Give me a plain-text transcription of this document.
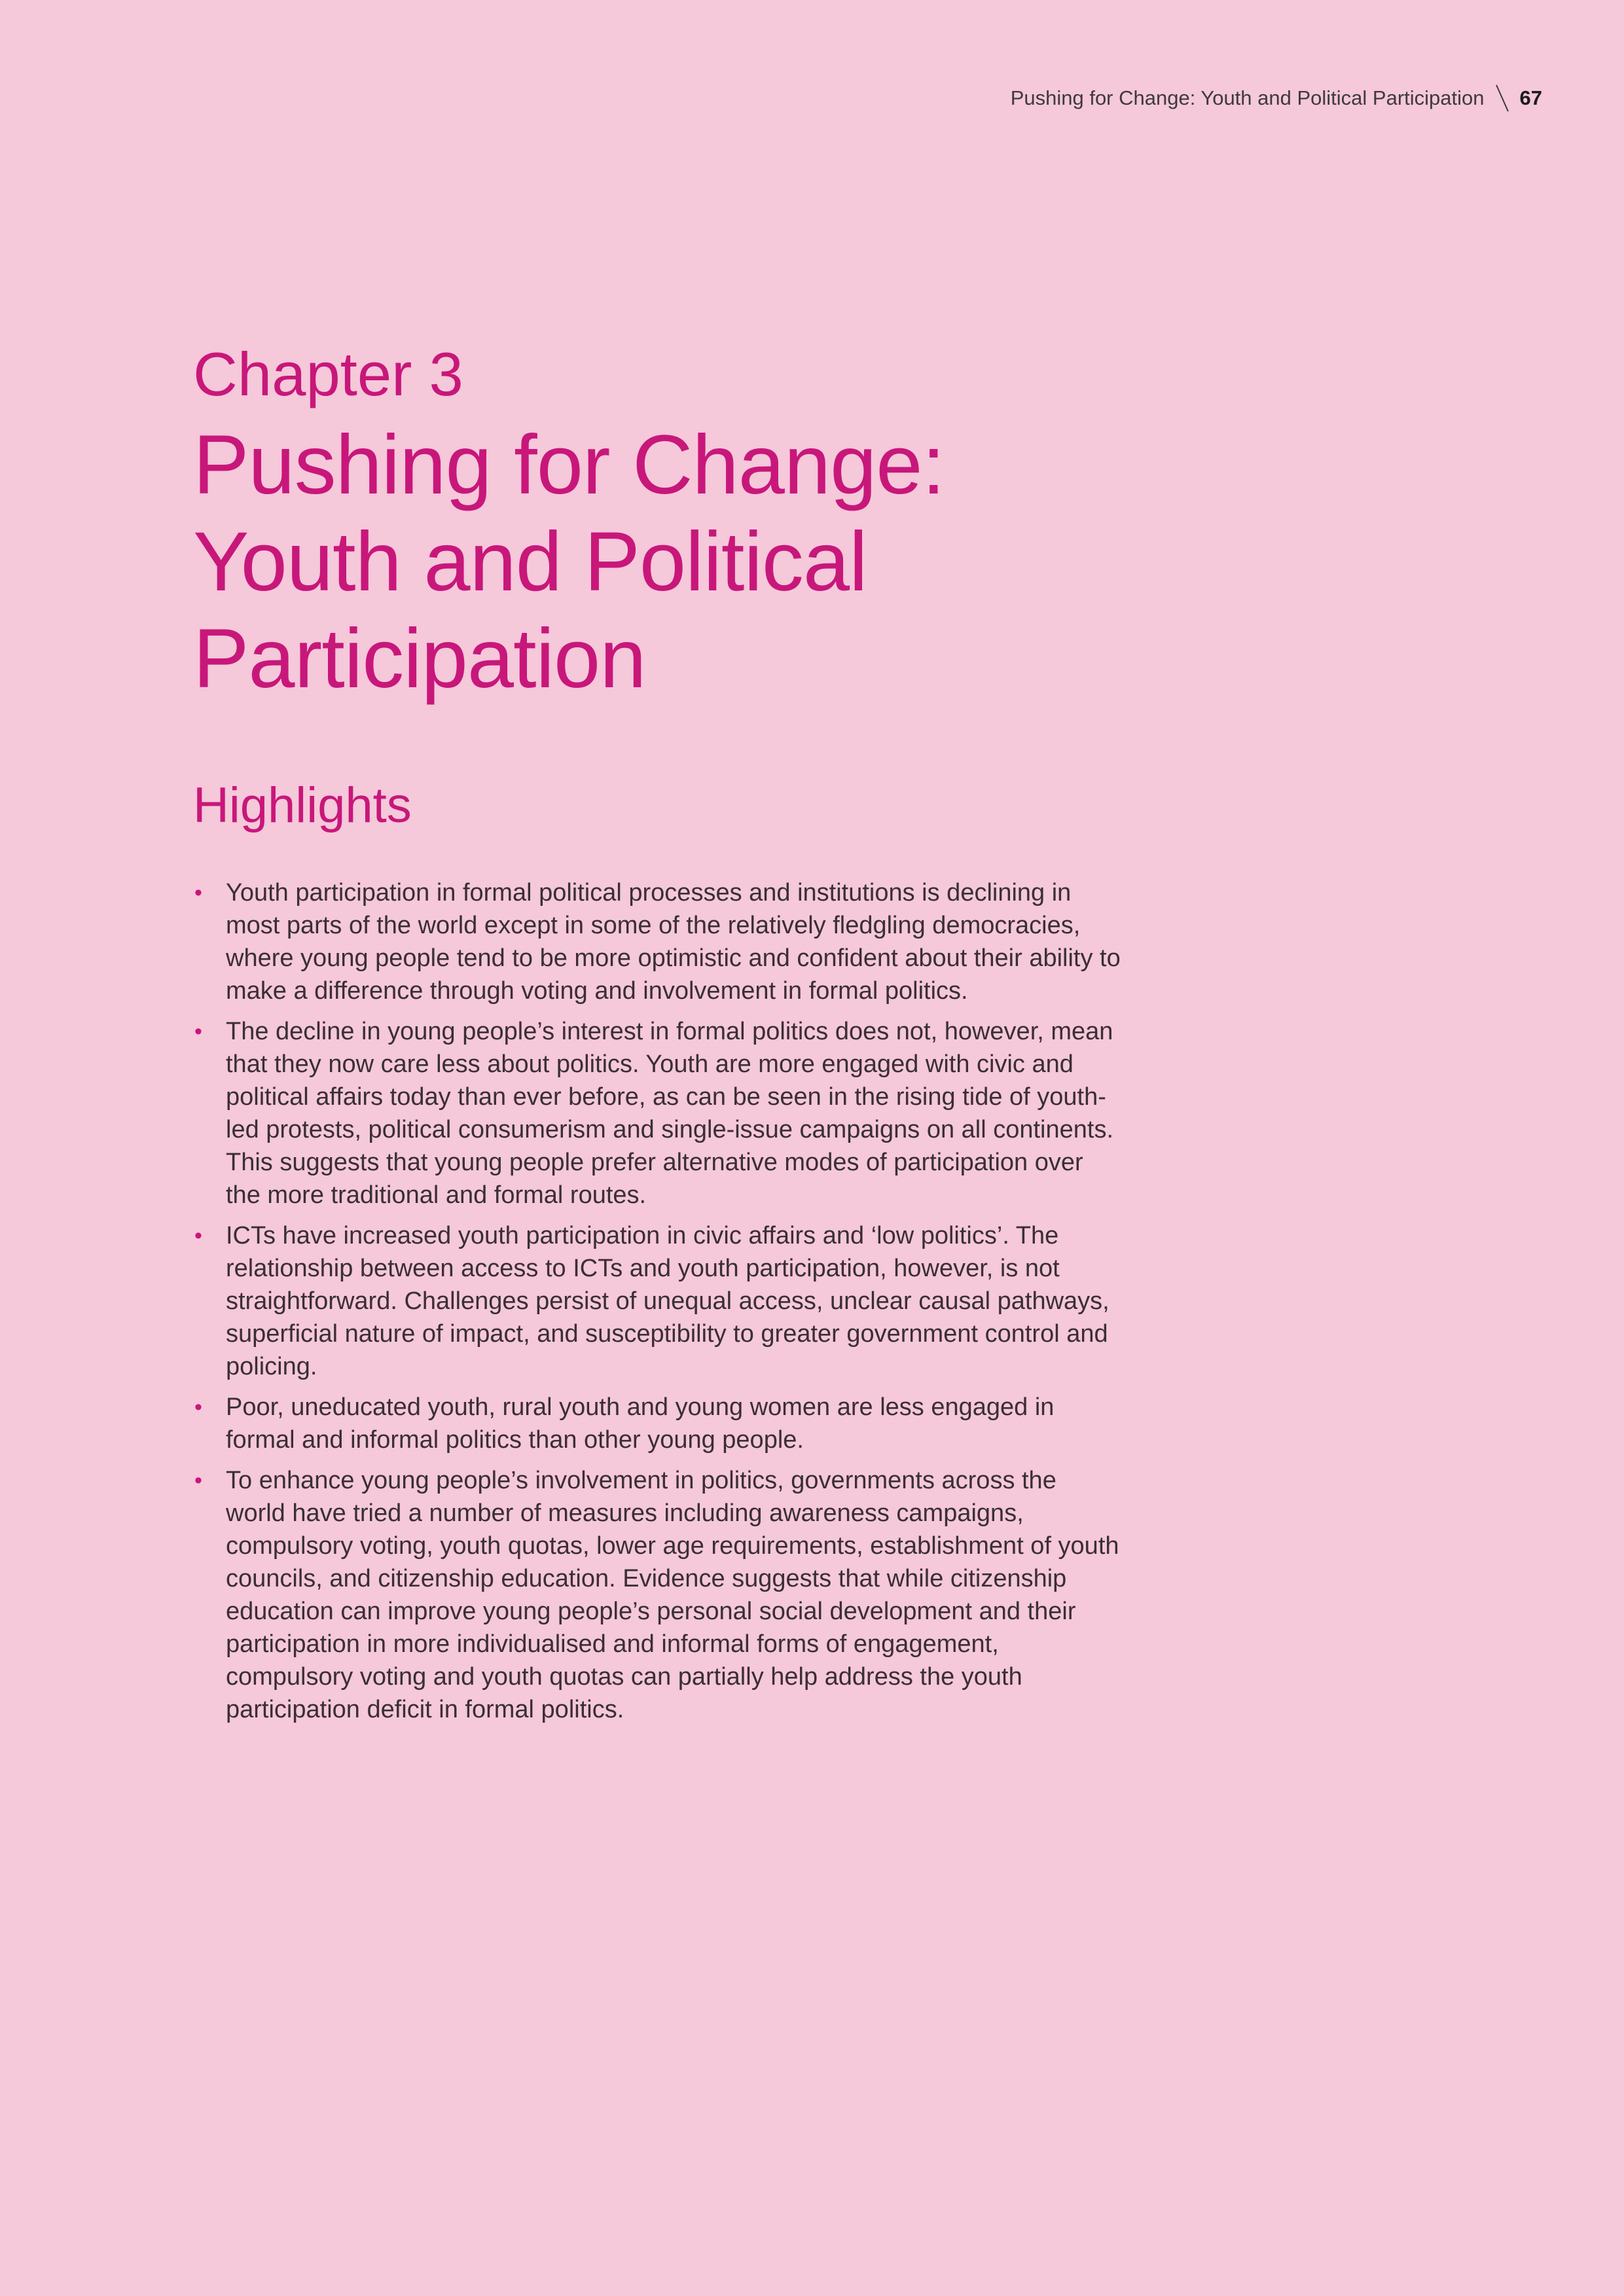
Pushing for Change: Youth and Political Participation 67
Chapter 3
Pushing for Change:
Youth and Political
Participation
Highlights
• Youth participation in formal political processes and institutions is declining in most parts of the world except in some of the relatively fledgling democracies, where young people tend to be more optimistic and confident about their ability to make a difference through voting and involvement in formal politics.
• The decline in young people’s interest in formal politics does not, however, mean that they now care less about politics. Youth are more engaged with civic and political affairs today than ever before, as can be seen in the rising tide of youth-led protests, political consumerism and single-issue campaigns on all continents. This suggests that young people prefer alternative modes of participation over the more traditional and formal routes.
• ICTs have increased youth participation in civic affairs and ‘low politics’. The relationship between access to ICTs and youth participation, however, is not straightforward. Challenges persist of unequal access, unclear causal pathways, superficial nature of impact, and susceptibility to greater government control and policing.
• Poor, uneducated youth, rural youth and young women are less engaged in formal and informal politics than other young people.
• To enhance young people’s involvement in politics, governments across the world have tried a number of measures including awareness campaigns, compulsory voting, youth quotas, lower age requirements, establishment of youth councils, and citizenship education. Evidence suggests that while citizenship education can improve young people’s personal social development and their participation in more individualised and informal forms of engagement, compulsory voting and youth quotas can partially help address the youth participation deficit in formal politics.
